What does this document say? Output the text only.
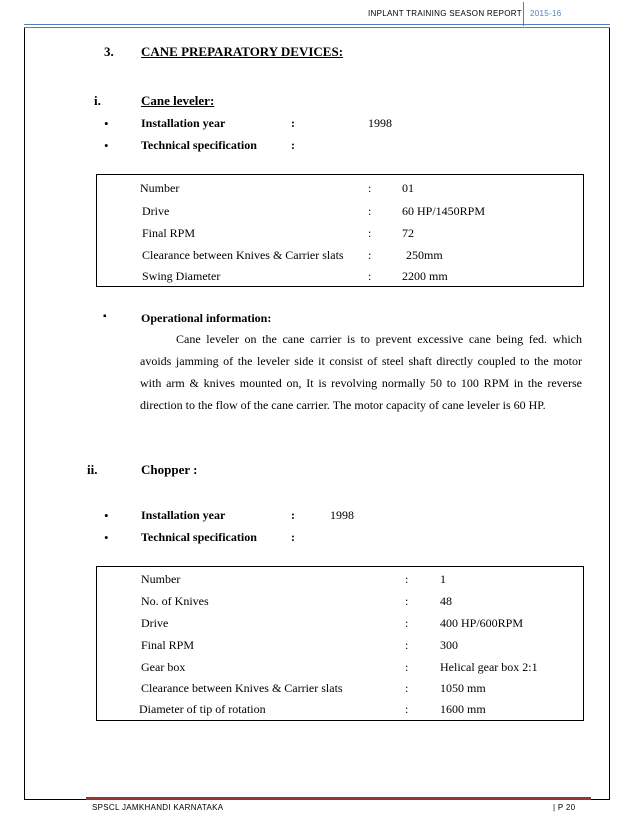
INPLANT TRAINING SEASON REPORT 2015-16
3. CANE PREPARATORY DEVICES:
i.	Cane leveler:
•	Installation year	:	1998
•	Technical specification	:
Number	:	01
Drive	:	60 HP/1450RPM
Final RPM	:	72
Clearance between Knives & Carrier slats :	250mm
Swing Diameter	:	2200 mm
▪	Operational information:
Cane leveler on the cane carrier is to prevent excessive cane being fed. which avoids jamming of the leveler side it consist of steel shaft directly coupled to the motor with arm & knives mounted on, It is revolving normally 50 to 100 RPM in the reverse direction to the flow of the cane carrier. The motor capacity of cane leveler is 60 HP.
ii.	Chopper :
•	Installation year	:	1998
•	Technical specification	:
Number	:	1
No. of Knives	:	48
Drive	:	400 HP/600RPM
Final RPM	:	300
Gear box	:	Helical gear box 2:1
Clearance between Knives & Carrier slats	:	1050 mm
Diameter of tip of rotation	:	1600 mm
SPSCL JAMKHANDI KARNATAKA	| P 20
